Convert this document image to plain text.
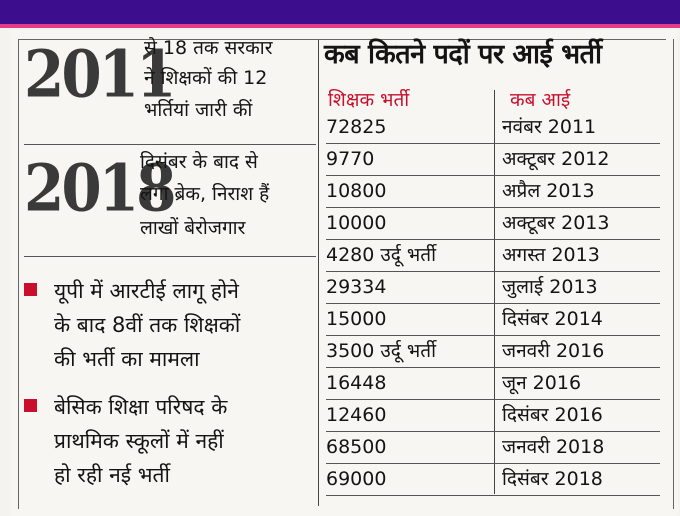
2011
से 18 तक सरकार
ने शिक्षकों की 12
भर्तियां जारी कीं
2018
दिसंबर के बाद से
लगा ब्रेक, निराश हैं
लाखों बेरोजगार
यूपी में आरटीई लागू होने
के बाद 8वीं तक शिक्षकों
की भर्ती का मामला
बेसिक शिक्षा परिषद के
प्राथमिक स्कूलों में नहीं
हो रही नई भर्ती
कब कितने पदों पर आई भर्ती
शिक्षक भर्ती	कब आई
72825	नवंबर 2011
9770	अक्टूबर 2012
10800	अप्रैल 2013
10000	अक्टूबर 2013
4280 उर्दू भर्ती	अगस्त 2013
29334	जुलाई 2013
15000	दिसंबर 2014
3500 उर्दू भर्ती	जनवरी 2016
16448	जून 2016
12460	दिसंबर 2016
68500	जनवरी 2018
69000	दिसंबर 2018
